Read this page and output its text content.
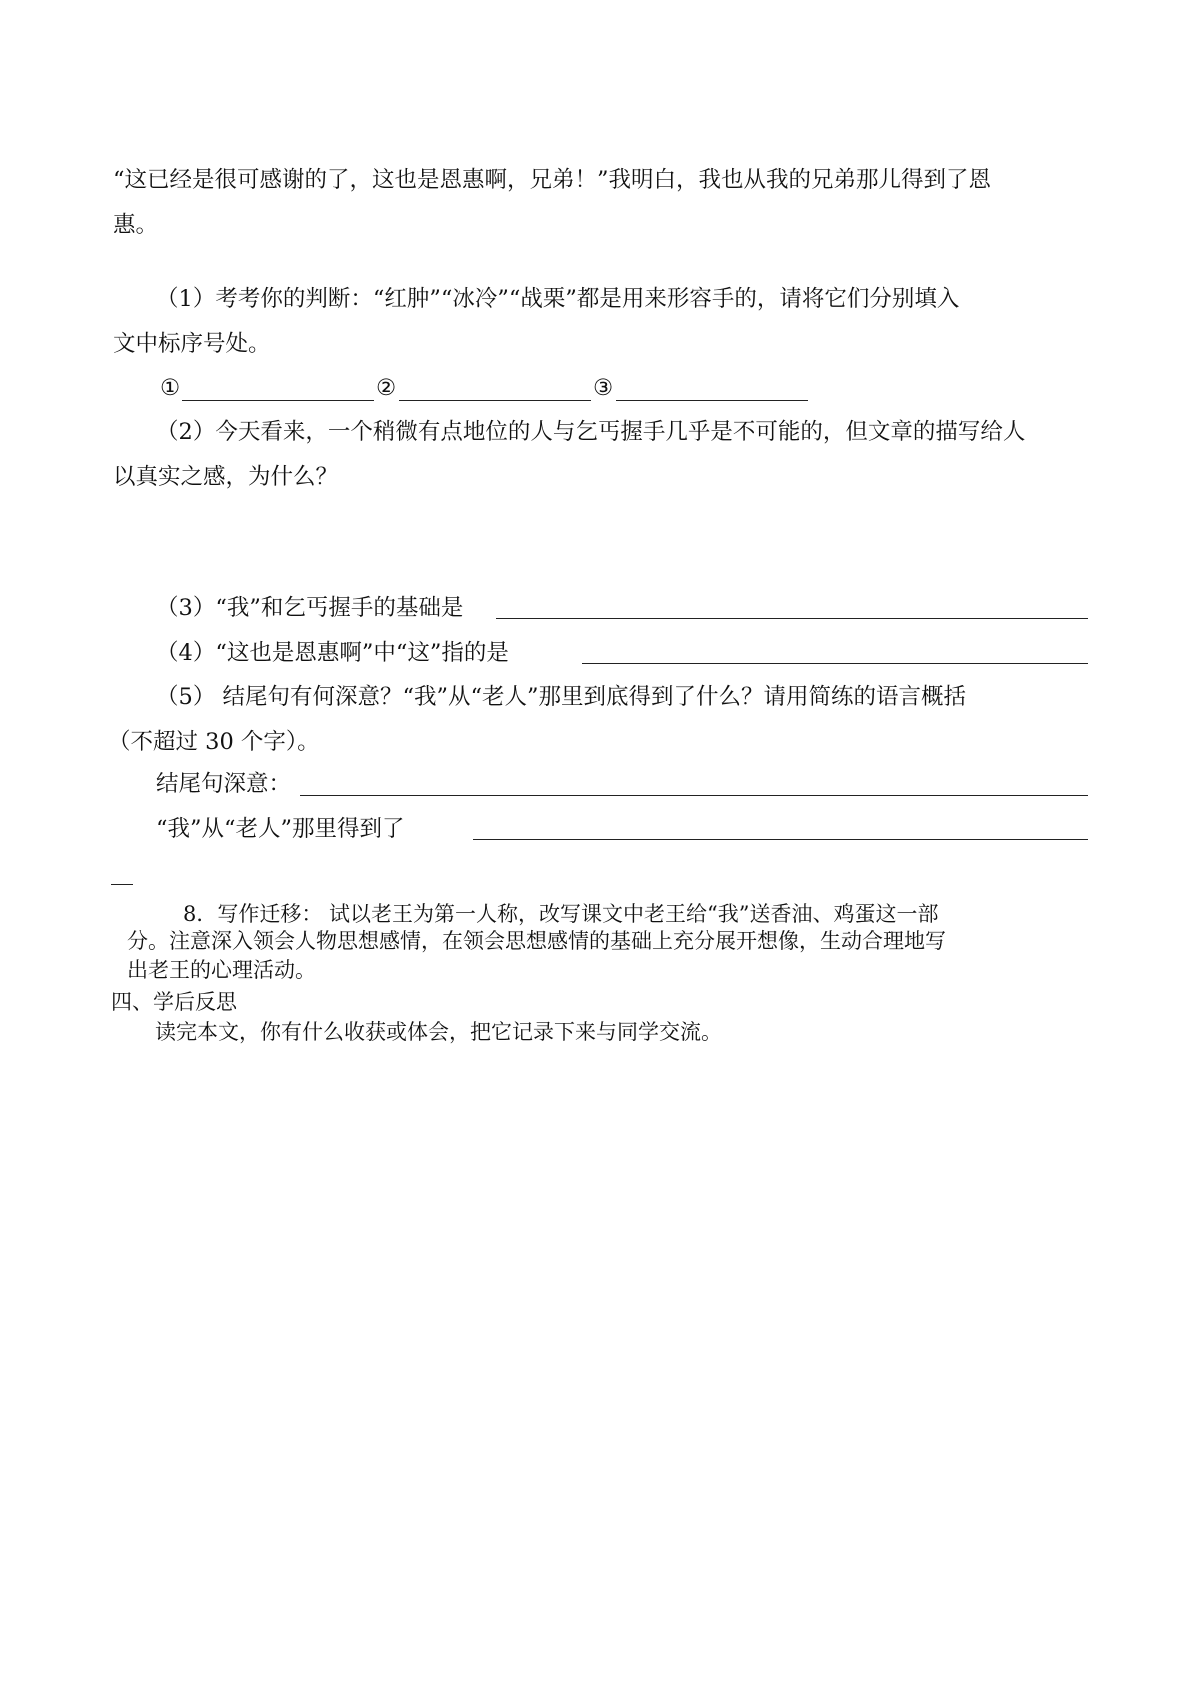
“这已经是很可感谢的了，这也是恩惠啊，兄弟！”我明白，我也从我的兄弟那儿得到了恩
惠。
（1）考考你的判断：“红肿”“冰冷”“战栗”都是用来形容手的，请将它们分别填入
文中标序号处。
①	②	③
（2）今天看来，一个稍微有点地位的人与乞丐握手几乎是不可能的，但文章的描写给人
以真实之感，为什么？
（3）“我”和乞丐握手的基础是
（4）“这也是恩惠啊”中“这”指的是
（5） 结尾句有何深意？“我”从“老人”那里到底得到了什么？请用简练的语言概括
（不超过 30 个字）。
结尾句深意：
“我”从“老人”那里得到了
8．写作迁移： 试以老王为第一人称，改写课文中老王给“我”送香油、鸡蛋这一部
分。注意深入领会人物思想感情，在领会思想感情的基础上充分展开想像，生动合理地写
出老王的心理活动。
四、学后反思
读完本文，你有什么收获或体会，把它记录下来与同学交流。
